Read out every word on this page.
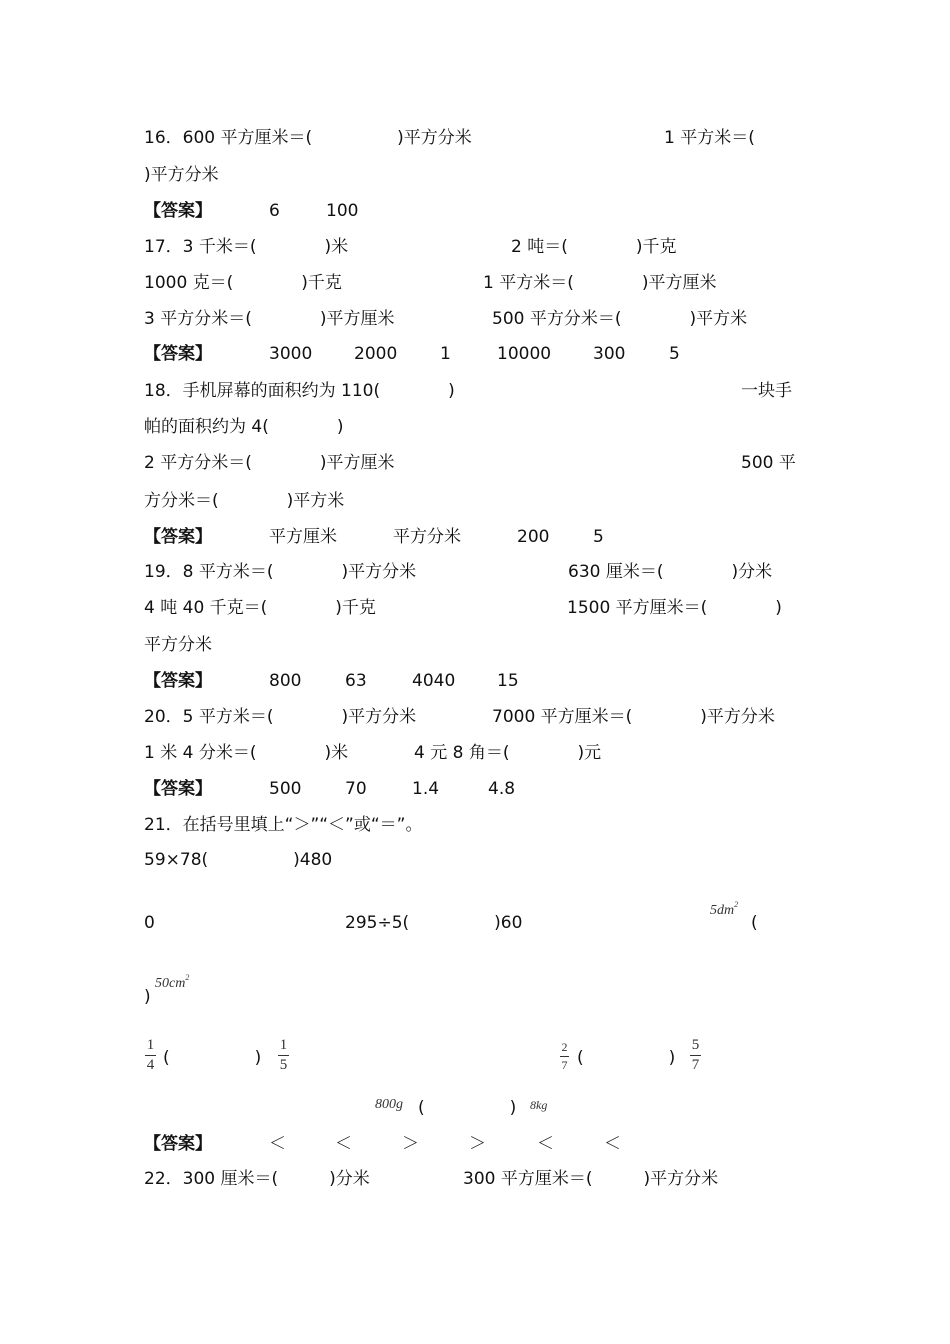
16．600 平方厘米＝(　　　　　)平方分米	1 平方米＝(
)平方分米
【答案】	6	100
17．3 千米＝(　　　　)米	2 吨＝(　　　　)千克
1000 克＝(　　　　)千克	1 平方米＝(　　　　)平方厘米
3 平方分米＝(　　　　)平方厘米	500 平方分米＝(　　　　)平方米
【答案】	3000 2000	1	10000 300	5
18．手机屏幕的面积约为 110(　　　　)	一块手
帕的面积约为 4(　　　　)
2 平方分米＝(　　　　)平方厘米	500 平
方分米＝(　　　　)平方米
【答案】	平方厘米	平方分米	200	5
19．8 平方米＝(　　　　)平方分米	630 厘米＝(　　　　)分米
4 吨 40 千克＝(　　　　)千克	1500 平方厘米＝(　　　　)
平方分米
【答案】	800	63	4040 15
20．5 平方米＝(　　　　)平方分米	7000 平方厘米＝(　　　　)平方分米
1 米 4 分米＝(　　　　)米	4 元 8 角＝(　　　　)元
【答案】	500	70	1.4	4.8
21．在括号里填上“＞”“＜”或“＝”。
59×78(　　　　　)480
0	295÷5(　　　　　)60
$5dm^2$
(
)
$50cm^2$
1
4 (　　　　　)
1
5
2
7 (　　　　　)
5
7
800g (　　　　　) 8kg
【答案】	＜	＜	＞	＞	＜	＜
22．300 厘米＝(　　　)分米	300 平方厘米＝(　　　)平方分米
